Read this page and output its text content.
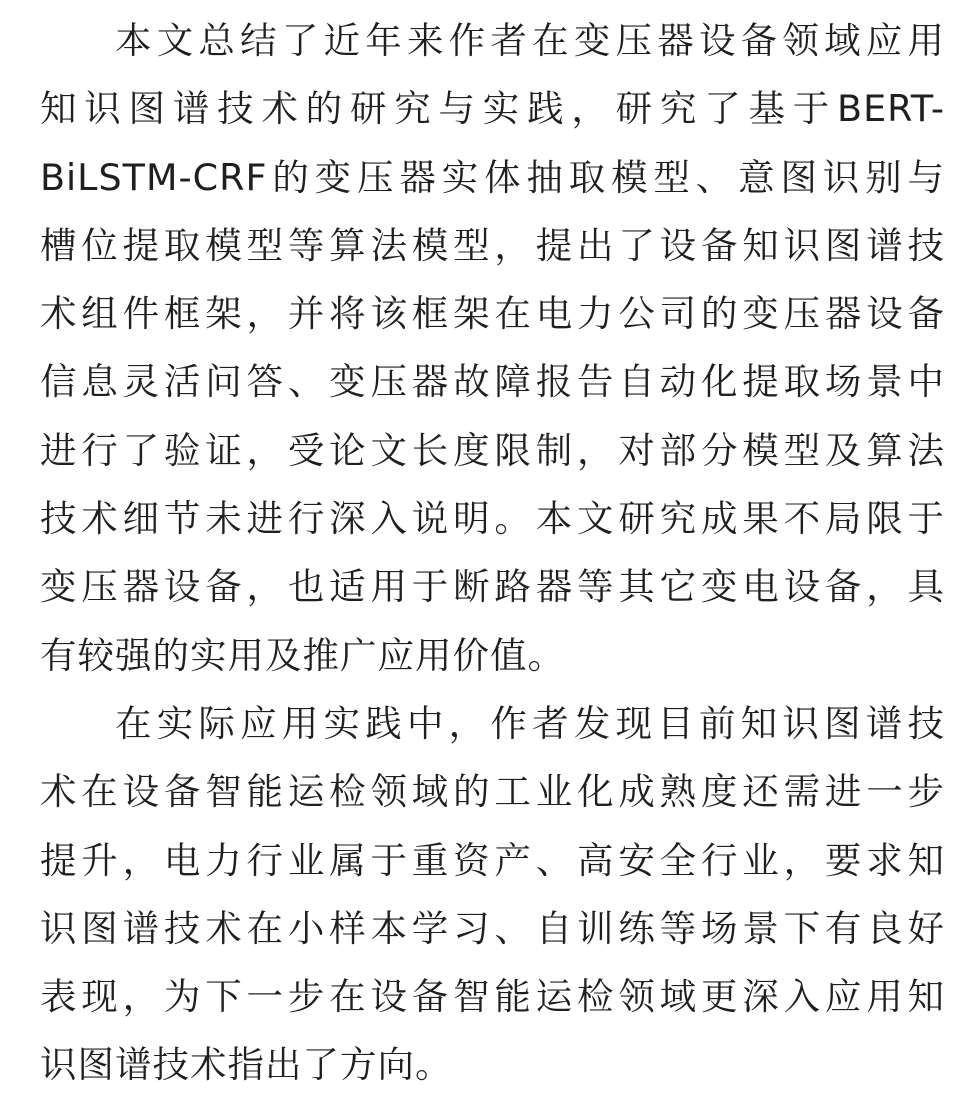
本文总结了近年来作者在变压器设备领域应用
知识图谱技术的研究与实践，研究了基于BERT-
BiLSTM-CRF的变压器实体抽取模型、意图识别与
槽位提取模型等算法模型，提出了设备知识图谱技
术组件框架，并将该框架在电力公司的变压器设备
信息灵活问答、变压器故障报告自动化提取场景中
进行了验证，受论文长度限制，对部分模型及算法
技术细节未进行深入说明。本文研究成果不局限于
变压器设备，也适用于断路器等其它变电设备，具
有较强的实用及推广应用价值。

在实际应用实践中，作者发现目前知识图谱技
术在设备智能运检领域的工业化成熟度还需进一步
提升，电力行业属于重资产、高安全行业，要求知
识图谱技术在小样本学习、自训练等场景下有良好
表现，为下一步在设备智能运检领域更深入应用知
识图谱技术指出了方向。
